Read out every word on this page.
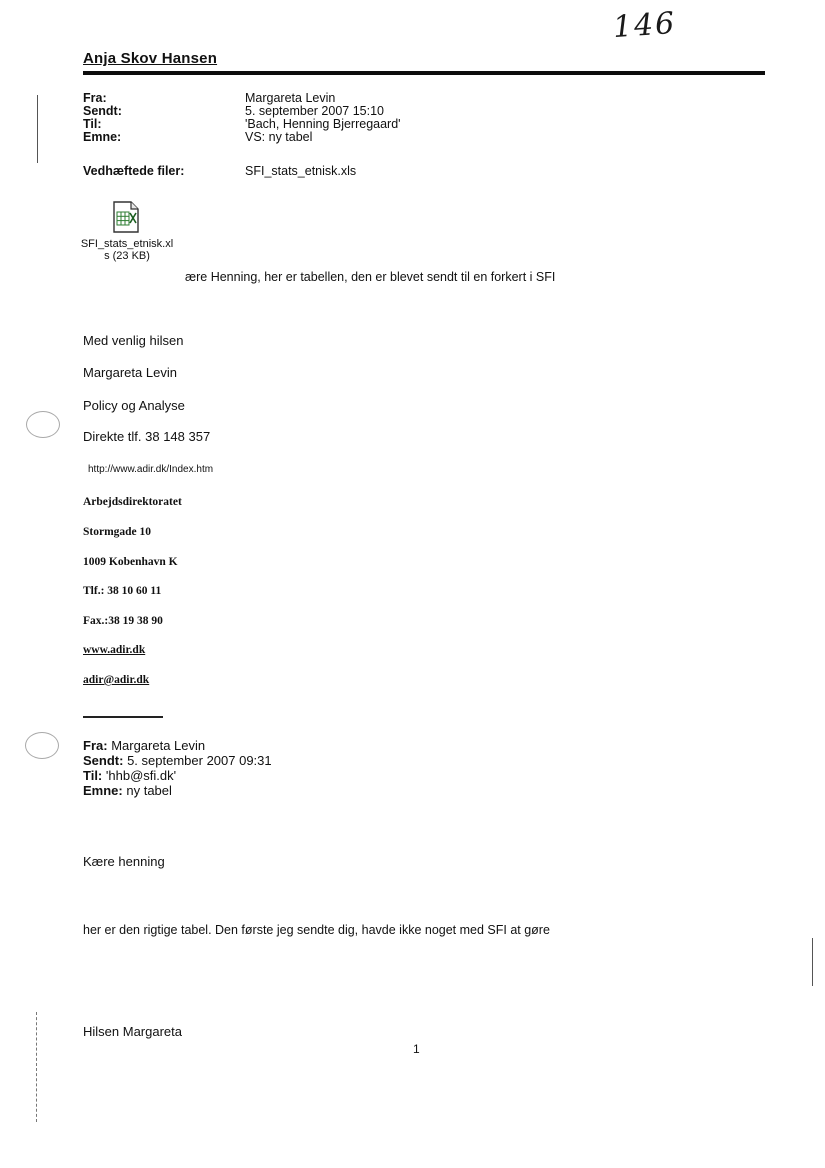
146
Anja Skov Hansen
Fra:	Margareta Levin
Sendt:	5. september 2007 15:10
Til:	'Bach, Henning Bjerregaard'
Emne:	VS: ny tabel
Vedhæftede filer:	SFI_stats_etnisk.xls
SFI_stats_etnisk.xl
s (23 KB)
ære Henning, her er tabellen, den er blevet sendt til en forkert i SFI
Med venlig hilsen
Margareta Levin
Policy og Analyse
Direkte tlf. 38 148 357
http://www.adir.dk/Index.htm
Arbejdsdirektoratet
Stormgade 10
1009 Kobenhavn K
Tlf.: 38 10 60 11
Fax.:38 19 38 90
www.adir.dk
adir@adir.dk
Fra: Margareta Levin
Sendt: 5. september 2007 09:31
Til: 'hhb@sfi.dk'
Emne: ny tabel
Kære henning
her er den rigtige tabel. Den første jeg sendte dig, havde ikke noget med SFI at gøre
Hilsen Margareta
1
